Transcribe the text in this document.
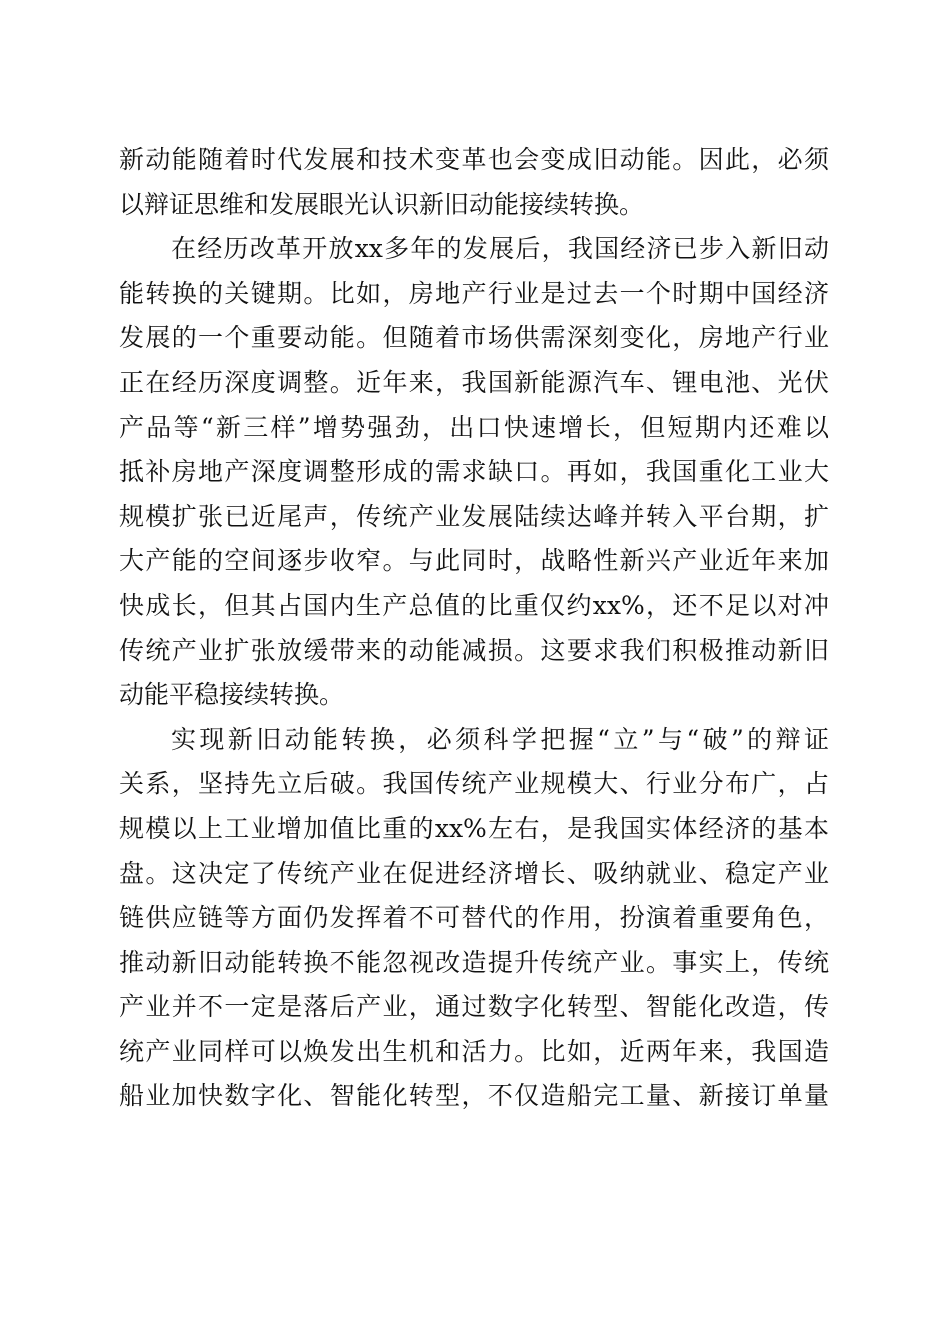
新动能随着时代发展和技术变革也会变成旧动能。因此，必须
以辩证思维和发展眼光认识新旧动能接续转换。
在经历改革开放xx多年的发展后，我国经济已步入新旧动
能转换的关键期。比如，房地产行业是过去一个时期中国经济
发展的一个重要动能。但随着市场供需深刻变化，房地产行业
正在经历深度调整。近年来，我国新能源汽车、锂电池、光伏
产品等“新三样”增势强劲，出口快速增长，但短期内还难以
抵补房地产深度调整形成的需求缺口。再如，我国重化工业大
规模扩张已近尾声，传统产业发展陆续达峰并转入平台期，扩
大产能的空间逐步收窄。与此同时，战略性新兴产业近年来加
快成长，但其占国内生产总值的比重仅约xx%，还不足以对冲
传统产业扩张放缓带来的动能减损。这要求我们积极推动新旧
动能平稳接续转换。
实现新旧动能转换，必须科学把握“立”与“破”的辩证
关系，坚持先立后破。我国传统产业规模大、行业分布广，占
规模以上工业增加值比重的xx%左右，是我国实体经济的基本
盘。这决定了传统产业在促进经济增长、吸纳就业、稳定产业
链供应链等方面仍发挥着不可替代的作用，扮演着重要角色，
推动新旧动能转换不能忽视改造提升传统产业。事实上，传统
产业并不一定是落后产业，通过数字化转型、智能化改造，传
统产业同样可以焕发出生机和活力。比如，近两年来，我国造
船业加快数字化、智能化转型，不仅造船完工量、新接订单量
